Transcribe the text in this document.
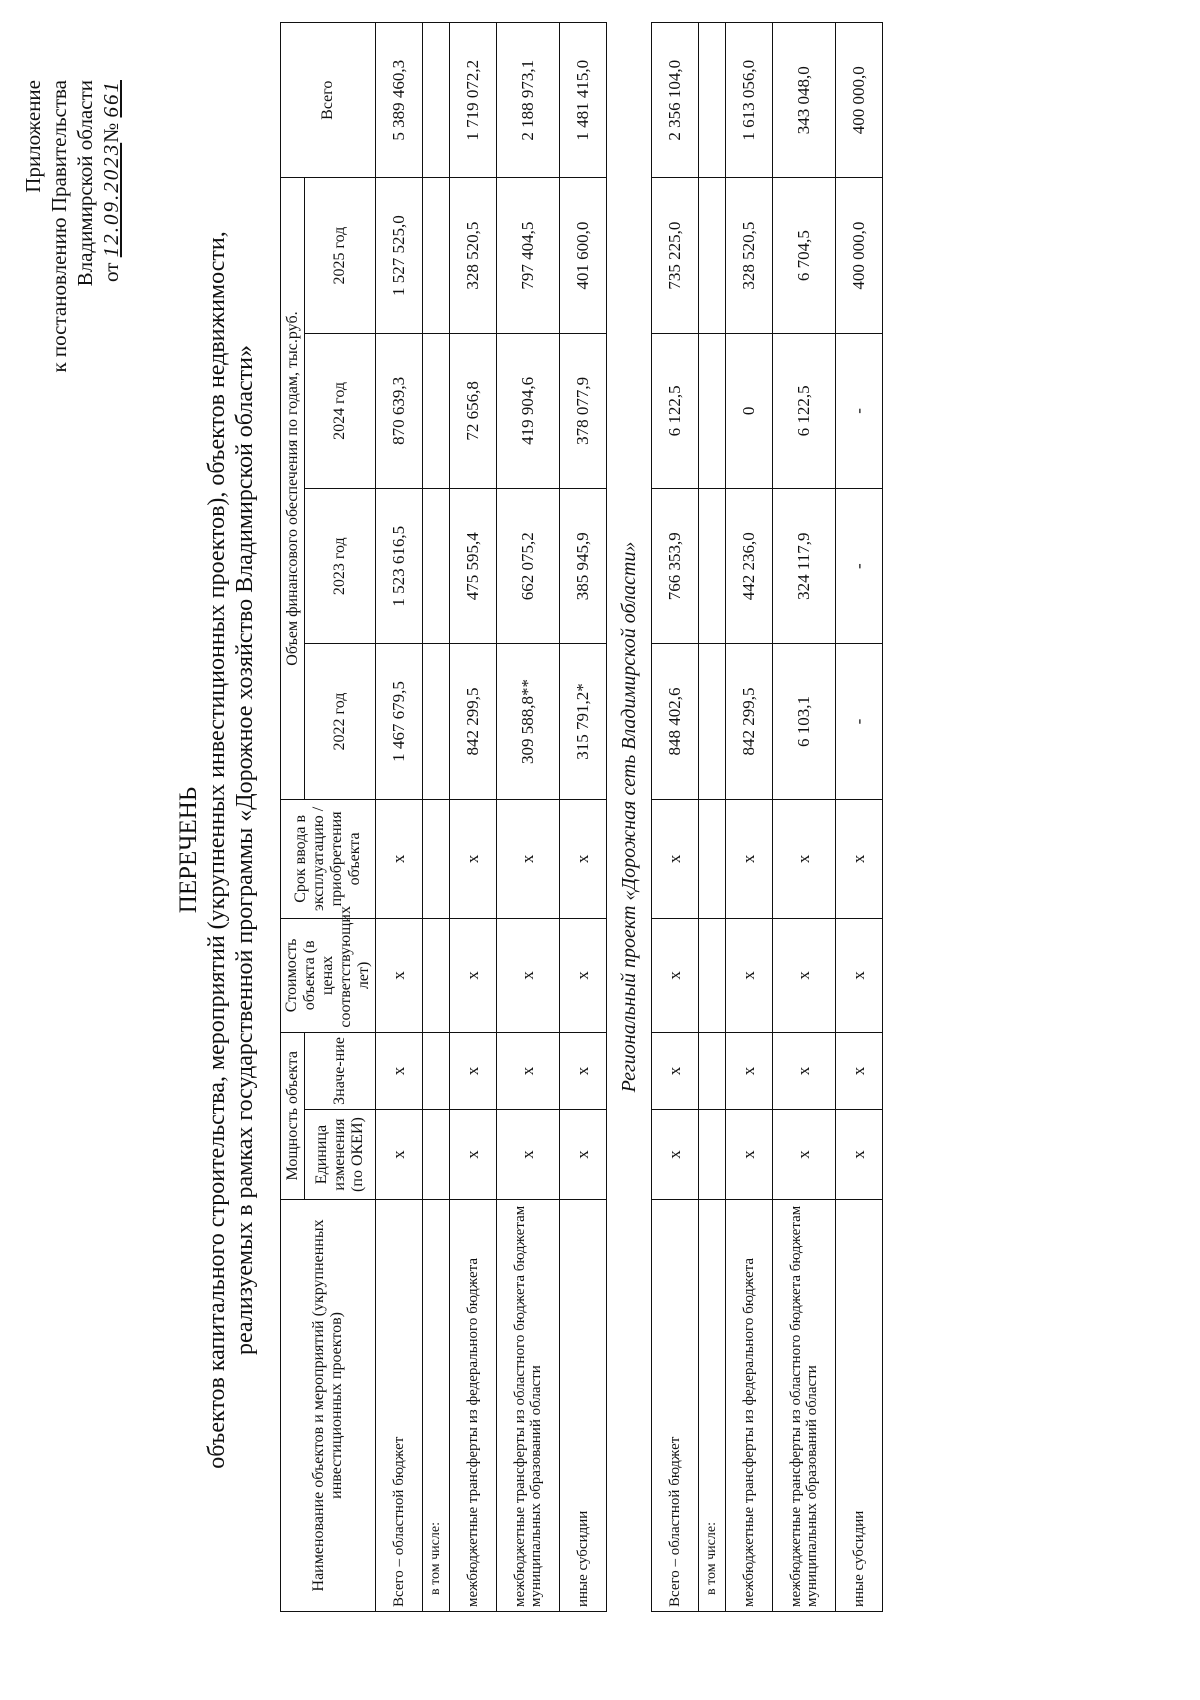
Приложение к постановлению Правительства Владимирской области от 12.09.2023№ 661
ПЕРЕЧЕНЬ объектов капитального строительства, мероприятий (укрупненных инвестиционных проектов), объектов недвижимости, реализуемых в рамках государственной программы «Дорожное хозяйство Владимирской области»
Наименование объектов и мероприятий (укрупненных инвестиционных проектов)	Мощность объекта		Стоимость объекта (в ценах соответствующих лет)	Срок ввода в эксплуатацию / приобретения объекта	Объем финансового обеспечения по годам, тыс.руб.				Всего
	Единица изменения (по ОКЕИ)	Значе-ние			2022 год	2023 год	2024 год	2025 год	
Всего – областной бюджет	x	x	x	x	1 467 679,5	1 523 616,5	870 639,3	1 527 525,0	5 389 460,3
в том числе:									
межбюджетные трансферты из федерального бюджета	x	x	x	x	842 299,5	475 595,4	72 656,8	328 520,5	1 719 072,2
межбюджетные трансферты из областного бюджета бюджетам муниципальных образований области	x	x	x	x	309 588,8**	662 075,2	419 904,6	797 404,5	2 188 973,1
иные субсидии	x	x	x	x	315 791,2*	385 945,9	378 077,9	401 600,0	1 481 415,0
Региональный проект «Дорожная сеть Владимирской области»									
Всего – областной бюджет	x	x	x	x	848 402,6	766 353,9	6 122,5	735 225,0	2 356 104,0
в том числе:									
межбюджетные трансферты из федерального бюджета	x	x	x	x	842 299,5	442 236,0	0	328 520,5	1 613 056,0
межбюджетные трансферты из областного бюджета бюджетам муниципальных образований области	x	x	x	x	6 103,1	324 117,9	6 122,5	6 704,5	343 048,0
иные субсидии	x	x	x	x	-	-	-	400 000,0	400 000,0
